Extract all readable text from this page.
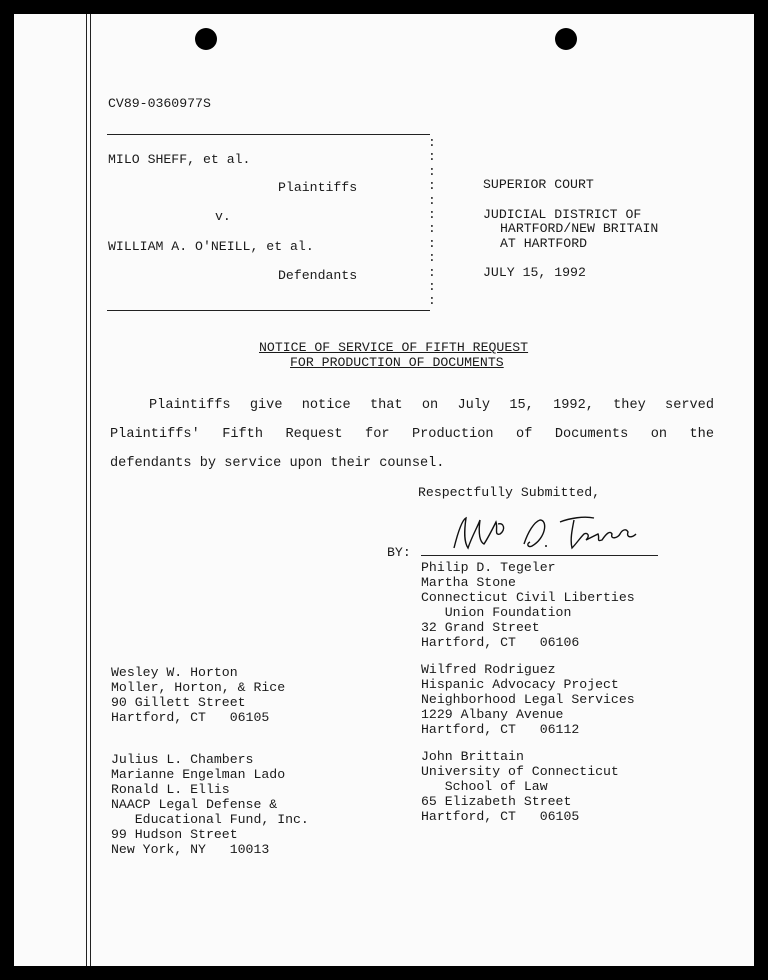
CV89-0360977S
:
:
:
:
:
:
:
:
:
:
:
:
MILO SHEFF, et al.
Plaintiffs
v.
WILLIAM A. O'NEILL, et al.
Defendants
SUPERIOR COURT
JUDICIAL DISTRICT OF
HARTFORD/NEW BRITAIN
AT HARTFORD
JULY 15, 1992
NOTICE OF SERVICE OF FIFTH REQUEST
FOR PRODUCTION OF DOCUMENTS
Plaintiffs give notice that on July 15, 1992, they served
Plaintiffs' Fifth Request for Production of Documents on the
defendants by service upon their counsel.
Respectfully Submitted,
BY:
Philip D. Tegeler
Martha Stone
Connecticut Civil Liberties
Union Foundation
32 Grand Street
Hartford, CT   06106
Wilfred Rodriguez
Hispanic Advocacy Project
Neighborhood Legal Services
1229 Albany Avenue
Hartford, CT   06112
John Brittain
University of Connecticut
School of Law
65 Elizabeth Street
Hartford, CT   06105
Wesley W. Horton
Moller, Horton, & Rice
90 Gillett Street
Hartford, CT   06105
Julius L. Chambers
Marianne Engelman Lado
Ronald L. Ellis
NAACP Legal Defense &
Educational Fund, Inc.
99 Hudson Street
New York, NY   10013
